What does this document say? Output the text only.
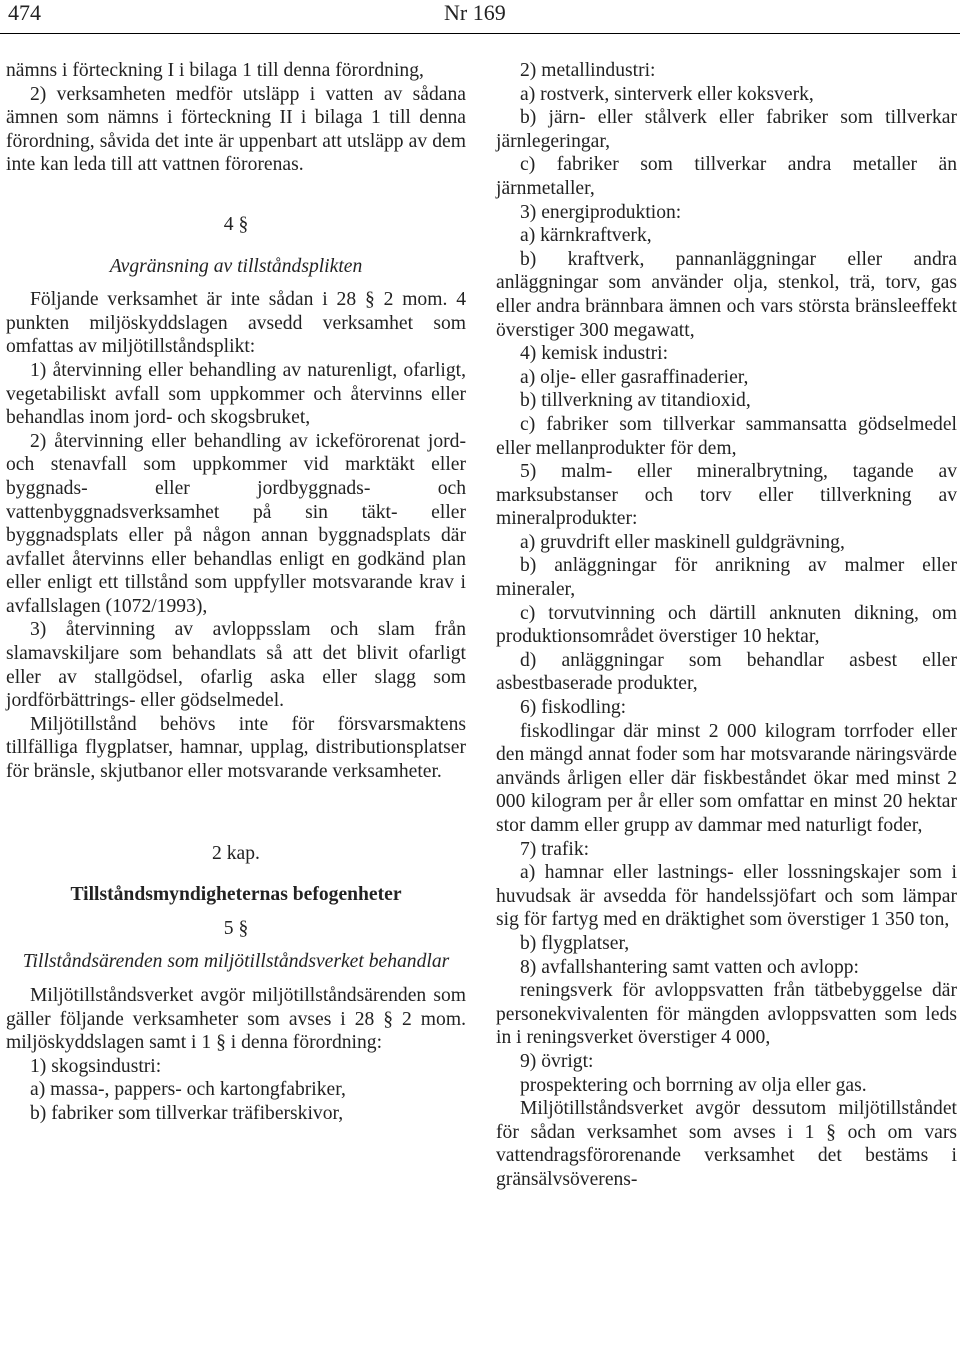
474	Nr 169

nämns i förteckning I i bilaga 1 till denna förordning,

2) verksamheten medför utsläpp i vatten av sådana ämnen som nämns i förteckning II i bilaga 1 till denna förordning, såvida det inte är uppenbart att utsläpp av dem inte kan leda till att vattnen förorenas.

4 §

Avgränsning av tillståndsplikten

Följande verksamhet är inte sådan i 28 § 2 mom. 4 punkten miljöskyddslagen avsedd verksamhet som omfattas av miljötillståndsplikt:

1) återvinning eller behandling av naturenligt, ofarligt, vegetabiliskt avfall som uppkommer och återvinns eller behandlas inom jord- och skogsbruket,

2) återvinning eller behandling av ickeförorenat jord- och stenavfall som uppkommer vid marktäkt eller byggnads- eller jordbyggnads- och vattenbyggnadsverksamhet på sin täkt- eller byggnadsplats eller på någon annan byggnadsplats där avfallet återvinns eller behandlas enligt en godkänd plan eller enligt ett tillstånd som uppfyller motsvarande krav i avfallslagen (1072/1993),

3) återvinning av avloppsslam och slam från slamavskiljare som behandlats så att det blivit ofarligt eller av stallgödsel, ofarlig aska eller slagg som jordförbättrings- eller gödselmedel.

Miljötillstånd behövs inte för försvarsmaktens tillfälliga flygplatser, hamnar, upplag, distributionsplatser för bränsle, skjutbanor eller motsvarande verksamheter.

2 kap.

Tillståndsmyndigheternas befogenheter

5 §

Tillståndsärenden som miljötillståndsverket behandlar

Miljötillståndsverket avgör miljötillståndsärenden som gäller följande verksamheter som avses i 28 § 2 mom. miljöskyddslagen samt i 1 § i denna förordning:

1) skogsindustri:

a) massa-, pappers- och kartongfabriker,

b) fabriker som tillverkar träfiberskivor,

2) metallindustri:

a) rostverk, sinterverk eller koksverk,

b) järn- eller stålverk eller fabriker som tillverkar järnlegeringar,

c) fabriker som tillverkar andra metaller än järnmetaller,

3) energiproduktion:

a) kärnkraftverk,

b) kraftverk, pannanläggningar eller andra anläggningar som använder olja, stenkol, trä, torv, gas eller andra brännbara ämnen och vars största bränsleeffekt överstiger 300 megawatt,

4) kemisk industri:

a) olje- eller gasraffinaderier,

b) tillverkning av titandioxid,

c) fabriker som tillverkar sammansatta gödselmedel eller mellanprodukter för dem,

5) malm- eller mineralbrytning, tagande av marksubstanser och torv eller tillverkning av mineralprodukter:

a) gruvdrift eller maskinell guldgrävning,

b) anläggningar för anrikning av malmer eller mineraler,

c) torvutvinning och därtill anknuten dikning, om produktionsområdet överstiger 10 hektar,

d) anläggningar som behandlar asbest eller asbestbaserade produkter,

6) fiskodling:

fiskodlingar där minst 2 000 kilogram torrfoder eller den mängd annat foder som har motsvarande näringsvärde används årligen eller där fiskbeståndet ökar med minst 2 000 kilogram per år eller som omfattar en minst 20 hektar stor damm eller grupp av dammar med naturligt foder,

7) trafik:

a) hamnar eller lastnings- eller lossningskajer som i huvudsak är avsedda för handelssjöfart och som lämpar sig för fartyg med en dräktighet som överstiger 1 350 ton,

b) flygplatser,

8) avfallshantering samt vatten och avlopp:

reningsverk för avloppsvatten från tätbebyggelse där personekvivalenten för mängden avloppsvatten som leds in i reningsverket överstiger 4 000,

9) övrigt:

prospektering och borrning av olja eller gas.

Miljötillståndsverket avgör dessutom miljötillståndet för sådan verksamhet som avses i 1 § och om vars vattendragsförorenande verksamhet det bestäms i gränsälvsöverens-
